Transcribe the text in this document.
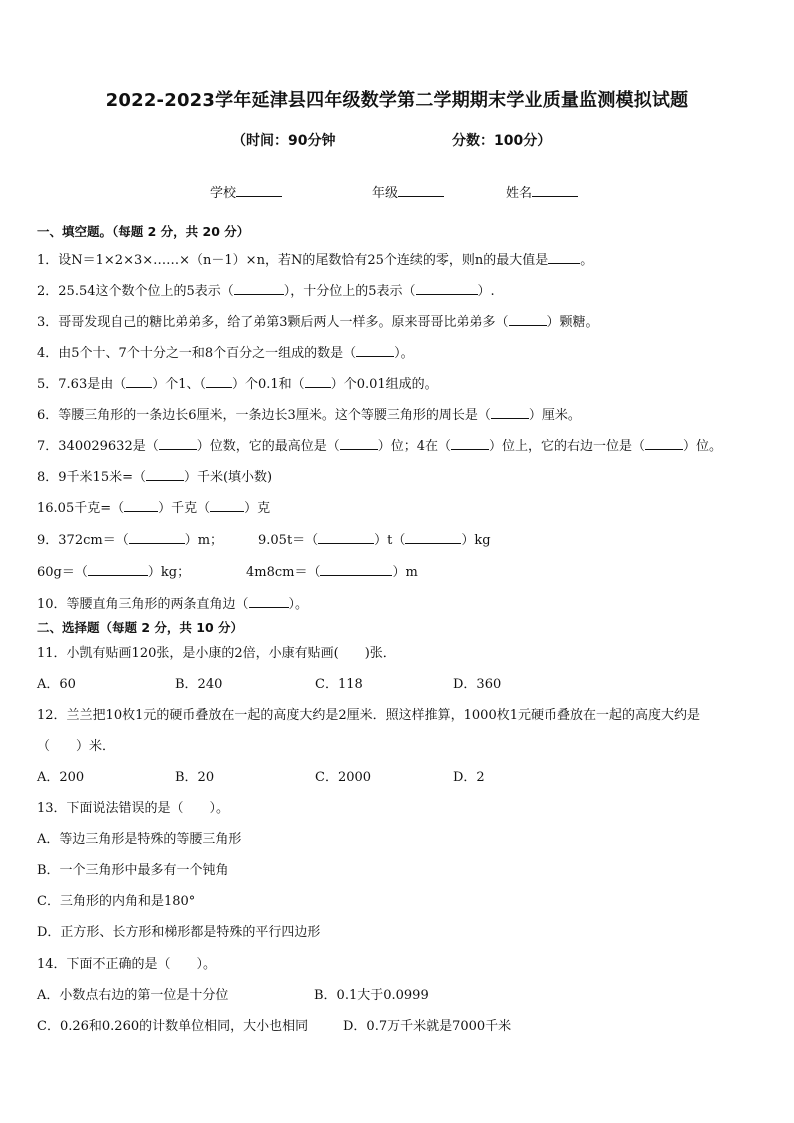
2022-2023学年延津县四年级数学第二学期期末学业质量监测模拟试题
（时间：90分钟	分数：100分）
学校	年级	姓名
一、填空题。（每题 2 分，共 20 分）
1．设N＝1×2×3×……×（n－1）×n，若N的尾数恰有25个连续的零，则n的最大值是 。
2．25.54这个数个位上的5表示（	），十分位上的5表示（	）.
3．哥哥发现自己的糖比弟弟多，给了弟第3颗后两人一样多。原来哥哥比弟弟多（	）颗糖。
4．由5个十、7个十分之一和8个百分之一组成的数是（	）。
5．7.63是由（ ）个1、（ ）个0.1和（ ）个0.01组成的。
6．等腰三角形的一条边长6厘米，一条边长3厘米。这个等腰三角形的周长是（	）厘米。
7．340029632是（	）位数，它的最高位是（	）位；4在（	）位上，它的右边一位是（	）位。
8．9千米15米=（	）千米(填小数)
16.05千克=（	）千克（	）克
9．372cm＝（	）m；	9.05t＝（	）t（	）kg
60g＝（	）kg；	4m8cm＝（	）m
10．等腰直角三角形的两条直角边（	）。
二、选择题（每题 2 分，共 10 分）
11．小凯有贴画120张，是小康的2倍，小康有贴画(　　)张．
A．60	B．240	C．118	D．360
12．兰兰把10枚1元的硬币叠放在一起的高度大约是2厘米．照这样推算，1000枚1元硬币叠放在一起的高度大约是
（　　）米．
A．200	B．20	C．2000	D．2
13．下面说法错误的是（　　）。
A．等边三角形是特殊的等腰三角形
B．一个三角形中最多有一个钝角
C．三角形的内角和是180°
D．正方形、长方形和梯形都是特殊的平行四边形
14．下面不正确的是（　　）。
A．小数点右边的第一位是十分位	B．0.1大于0.0999
C．0.26和0.260的计数单位相同，大小也相同	D．0.7万千米就是7000千米
